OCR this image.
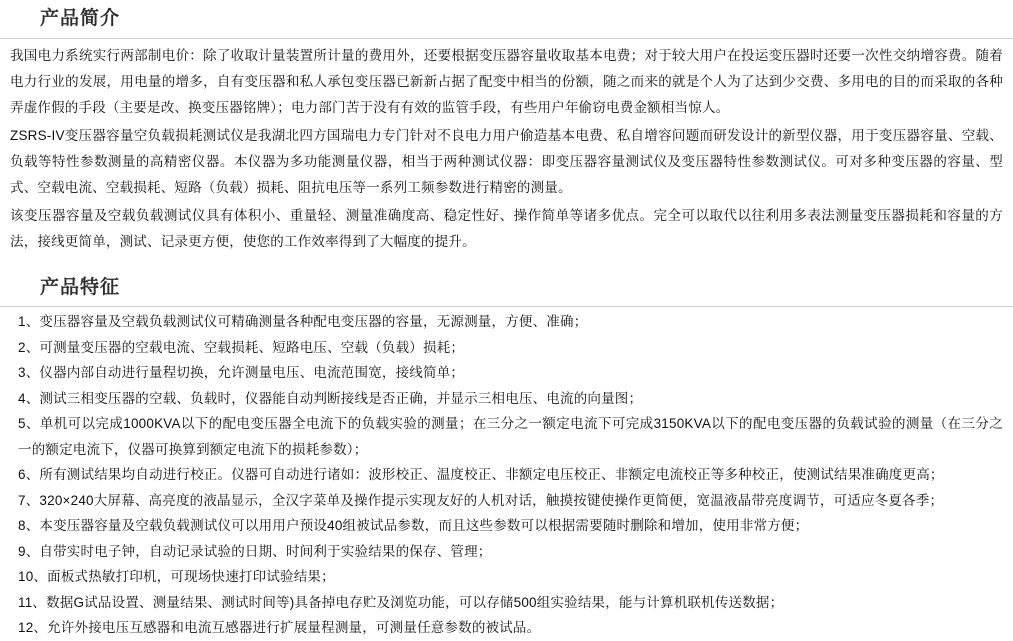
产品简介

我国电力系统实行两部制电价：除了收取计量装置所计量的费用外，还要根据变压器容量收取基本电费；对于较大用户在投运变压器时还要一次性交纳增容费。随着电力行业的发展，用电量的增多，自有变压器和私人承包变压器已新新占据了配变中相当的份额，随之而来的就是个人为了达到少交费、多用电的目的而采取的各种弄虚作假的手段（主要是改、换变压器铭牌）；电力部门苦于没有有效的监管手段，有些用户年偷窃电费金额相当惊人。

ZSRS-IV变压器容量空负载损耗测试仪是我湖北四方国瑞电力专门针对不良电力用户偷造基本电费、私自增容问题而研发设计的新型仪器，用于变压器容量、空载、负载等特性参数测量的高精密仪器。本仪器为多功能测量仪器，相当于两种测试仪器：即变压器容量测试仪及变压器特性参数测试仪。可对多种变压器的容量、型式、空载电流、空载损耗、短路（负载）损耗、阻抗电压等一系列工频参数进行精密的测量。

该变压器容量及空载负载测试仪具有体积小、重量轻、测量准确度高、稳定性好、操作简单等诸多优点。完全可以取代以往利用多表法测量变压器损耗和容量的方法，接线更简单，测试、记录更方便，使您的工作效率得到了大幅度的提升。

产品特征
1、变压器容量及空载负载测试仪可精确测量各种配电变压器的容量，无源测量，方便、准确；
2、可测量变压器的空载电流、空载损耗、短路电压、空载（负载）损耗；
3、仪器内部自动进行量程切换，允许测量电压、电流范围宽，接线简单；
4、测试三相变压器的空载、负载时，仪器能自动判断接线是否正确，并显示三相电压、电流的向量图；
5、单机可以完成1000KVA以下的配电变压器全电流下的负载实验的测量；在三分之一额定电流下可完成3150KVA以下的配电变压器的负载试验的测量（在三分之一的额定电流下，仪器可换算到额定电流下的损耗参数）；
6、所有测试结果均自动进行校正。仪器可自动进行诸如：波形校正、温度校正、非额定电压校正、非额定电流校正等多种校正，使测试结果准确度更高；
7、320×240大屏幕、高亮度的液晶显示，全汉字菜单及操作提示实现友好的人机对话，触摸按键使操作更简便，宽温液晶带亮度调节，可适应冬夏各季；
8、本变压器容量及空载负载测试仪可以用用户预设40组被试品参数，而且这些参数可以根据需要随时删除和增加，使用非常方便；
9、自带实时电子钟，自动记录试验的日期、时间利于实验结果的保存、管理；
10、面板式热敏打印机，可现场快速打印试验结果；
11、数据G试品设置、测量结果、测试时间等)具备掉电存贮及浏览功能，可以存储500组实验结果，能与计算机联机传送数据；
12、允许外接电压互感器和电流互感器进行扩展量程测量，可测量任意参数的被试品。
